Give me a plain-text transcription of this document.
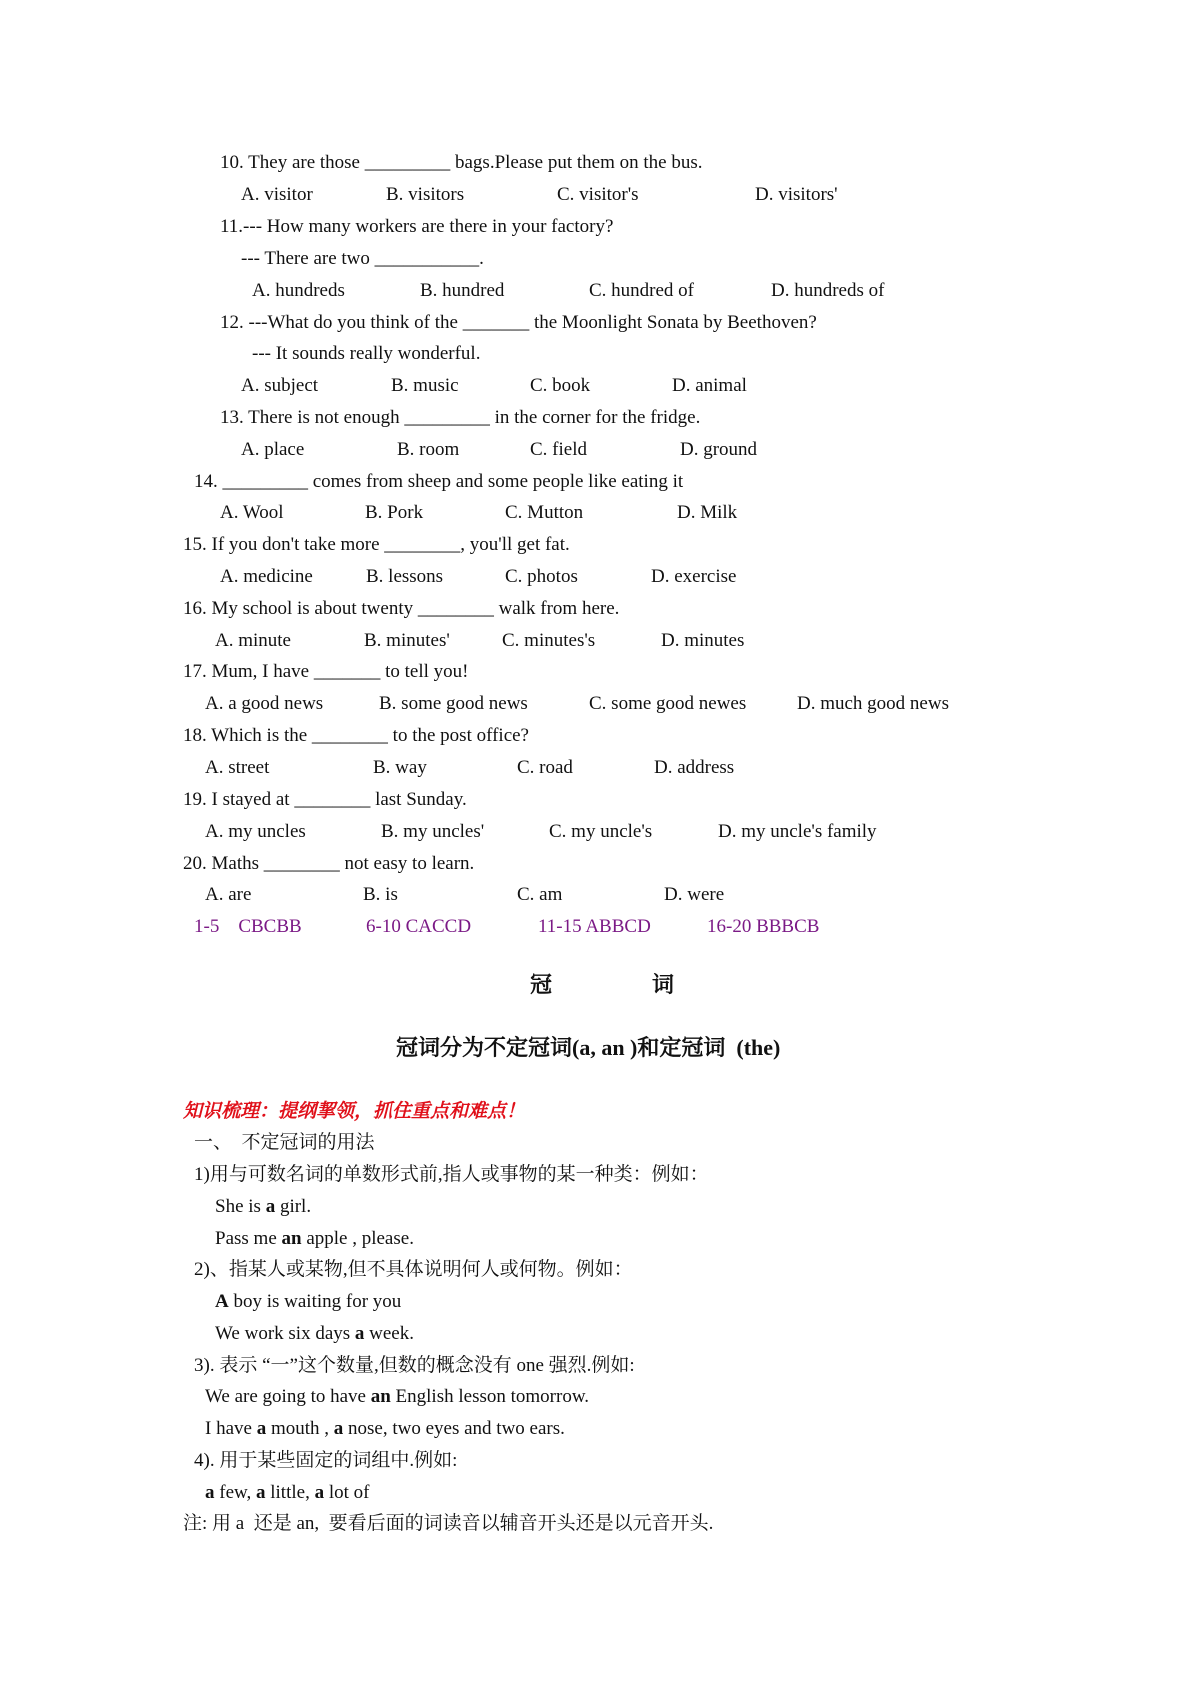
10. They are those _________ bags.Please put them on the bus.
A. visitor	B. visitors	C. visitor's	D. visitors'
11.--- How many workers are there in your factory?
--- There are two ___________.
A. hundreds	B. hundred	C. hundred of	D. hundreds of
12. ---What do you think of the _______ the Moonlight Sonata by Beethoven?
--- It sounds really wonderful.
A. subject	B. music	C. book	D. animal
13. There is not enough _________ in the corner for the fridge.
A. place	B. room	C. field	D. ground
14. _________ comes from sheep and some people like eating it
A. Wool	B. Pork	C. Mutton	D. Milk
15. If you don't take more ________, you'll get fat.
A. medicine	B. lessons	C. photos	D. exercise
16. My school is about twenty ________ walk from here.
A. minute	B. minutes'	C. minutes's	D. minutes
17. Mum, I have _______ to tell you!
A. a good news	B. some good news	C. some good newes	D. much good news
18. Which is the ________ to the post office?
A. street	B. way	C. road	D. address
19. I stayed at ________ last Sunday.
A. my uncles	B. my uncles'	C. my uncle's	D. my uncle's family
20. Maths ________ not easy to learn.
A. are	B. is	C. am	D. were
1-5    CBCBB	6-10 CACCD	11-15 ABBCD	16-20 BBBCB
冠	词
冠词分为不定冠词(a, an )和定冠词  (the)
知识梳理：提纲挈领，抓住重点和难点！
一、  不定冠词的用法
1)用与可数名词的单数形式前,指人或事物的某一种类：例如：
She is a girl.
Pass me an apple , please.
2)、指某人或某物,但不具体说明何人或何物。例如：
A boy is waiting for you
We work six days a week.
3). 表示 “一”这个数量,但数的概念没有 one 强烈.例如:
We are going to have an English lesson tomorrow.
I have a mouth , a nose, two eyes and two ears.
4). 用于某些固定的词组中.例如:
a few, a little, a lot of
注: 用 a  还是 an,  要看后面的词读音以辅音开头还是以元音开头.
